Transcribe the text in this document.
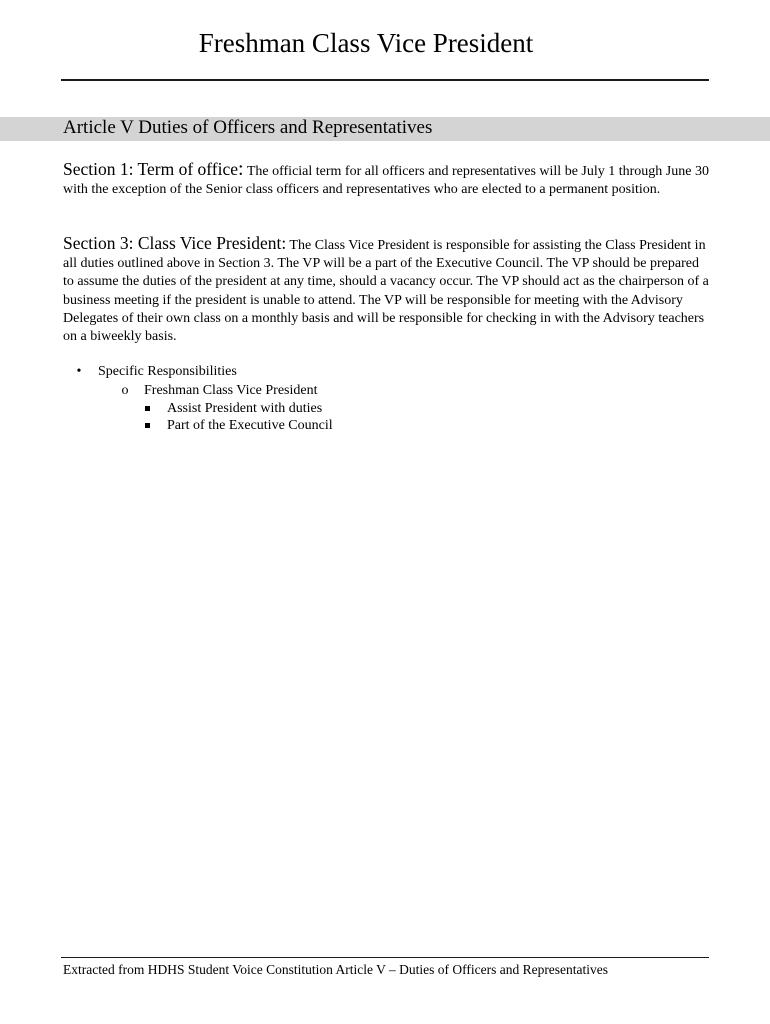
Freshman Class Vice President
Article V Duties of Officers and Representatives
Section 1: Term of office: The official term for all officers and representatives will be July 1 through June 30 with the exception of the Senior class officers and representatives who are elected to a permanent position.
Section 3: Class Vice President: The Class Vice President is responsible for assisting the Class President in all duties outlined above in Section 3. The VP will be a part of the Executive Council. The VP should be prepared to assume the duties of the president at any time, should a vacancy occur. The VP should act as the chairperson of a business meeting if the president is unable to attend. The VP will be responsible for meeting with the Advisory Delegates of their own class on a monthly basis and will be responsible for checking in with the Advisory teachers on a biweekly basis.
• Specific Responsibilities
o Freshman Class Vice President
Assist President with duties
Part of the Executive Council
Extracted from HDHS Student Voice Constitution Article V – Duties of Officers and Representatives
